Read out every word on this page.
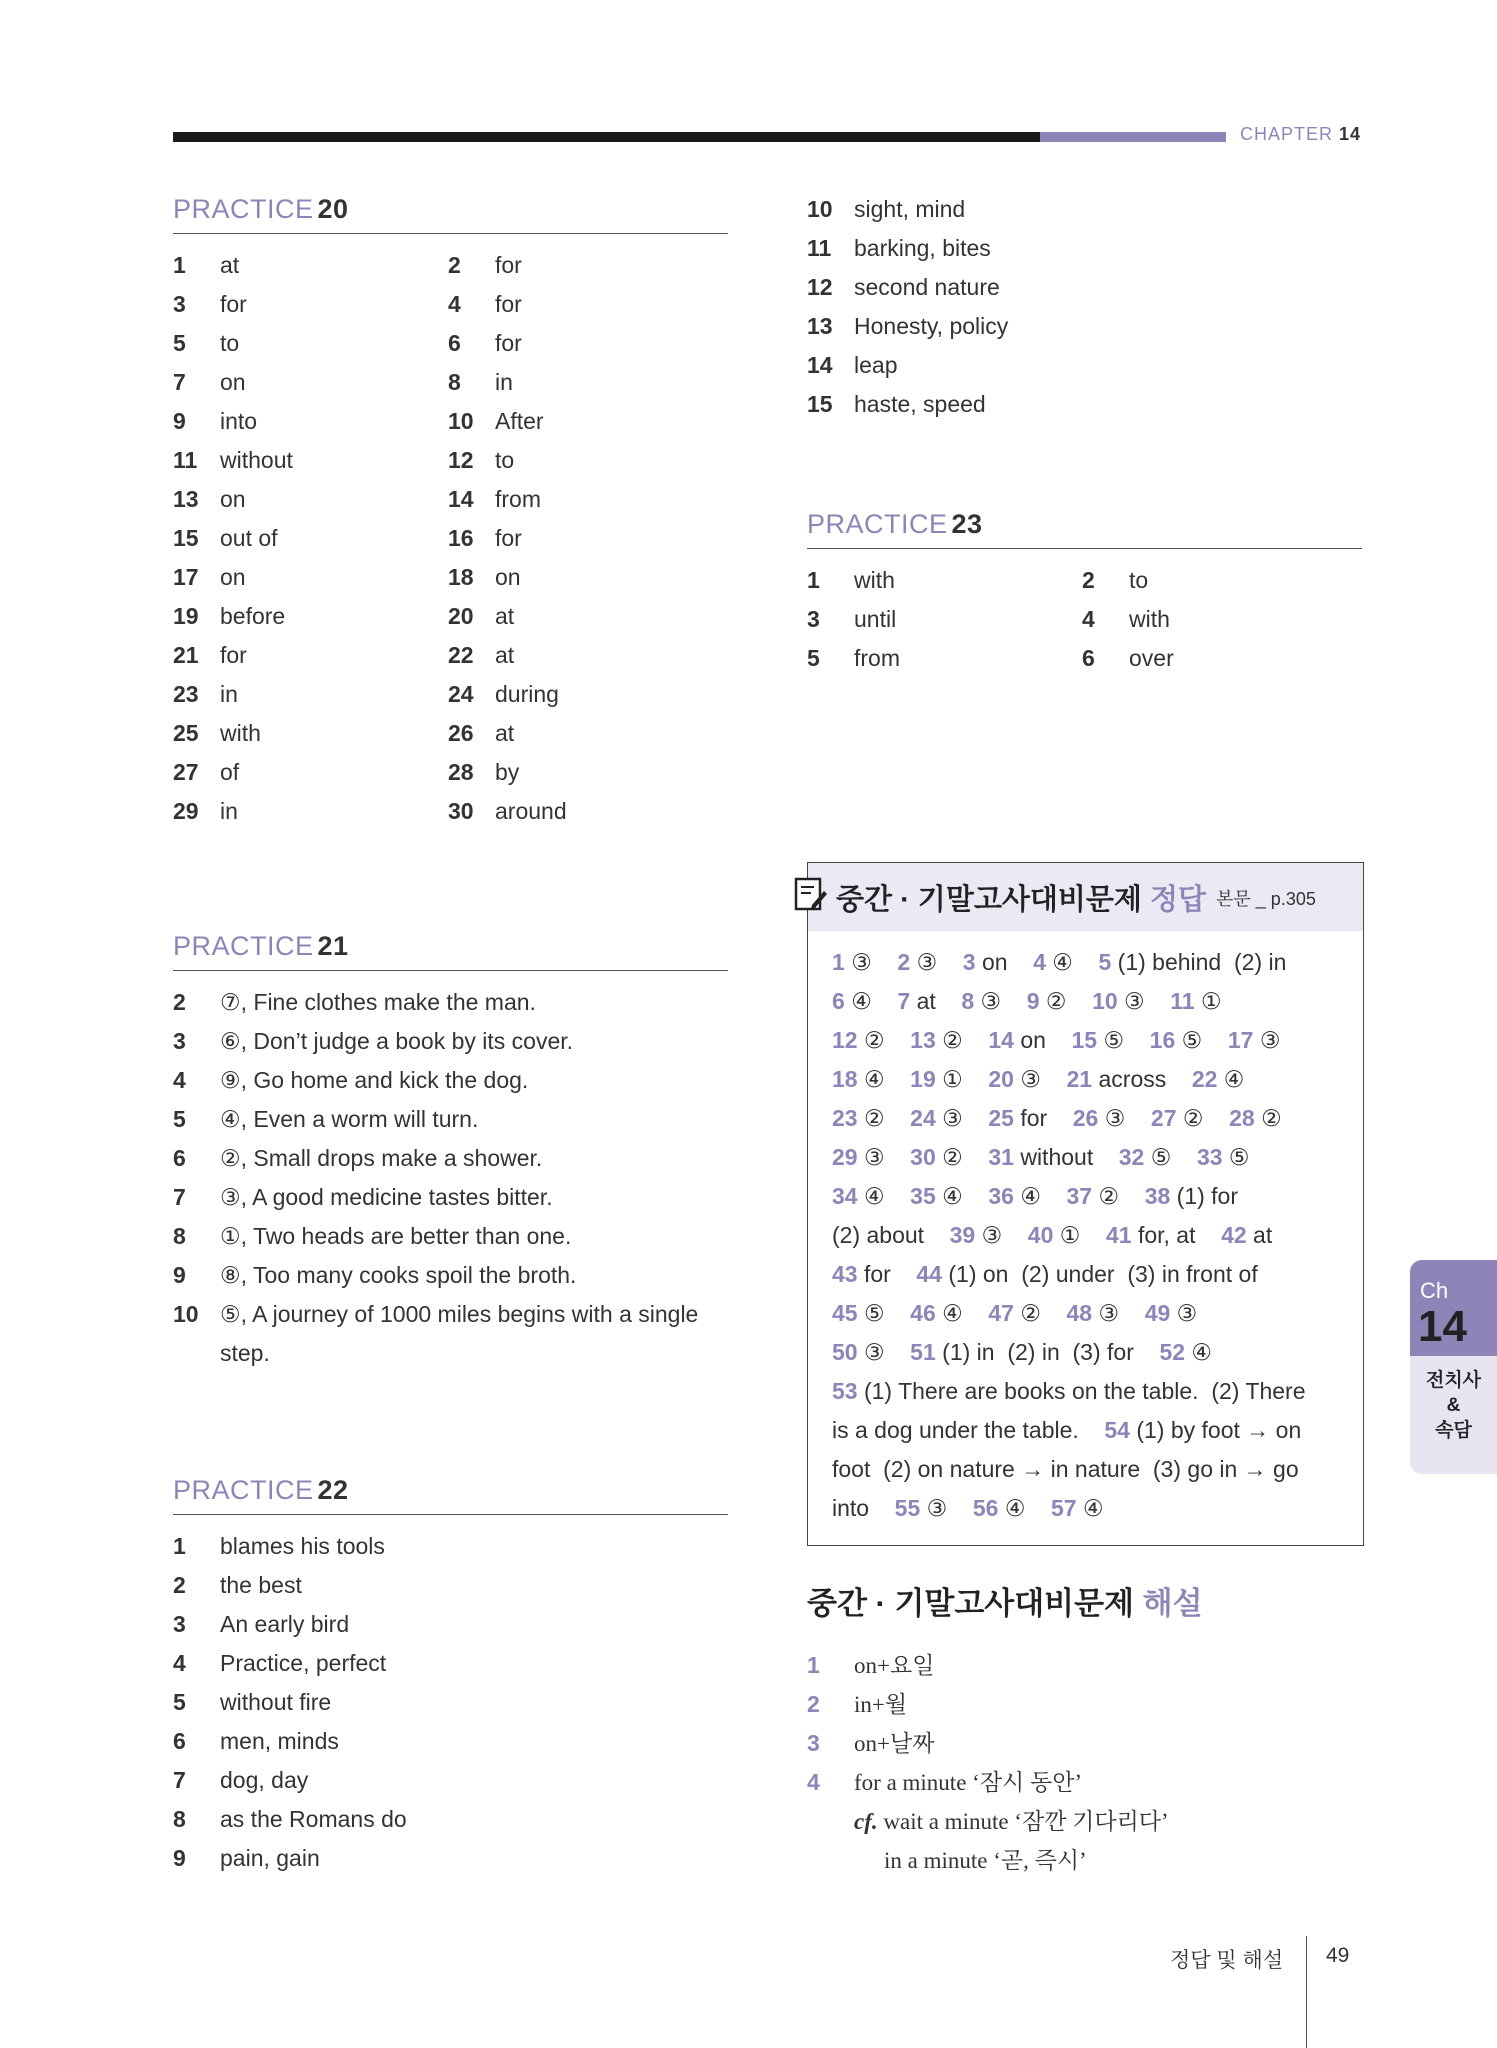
CHAPTER 14
PRACTICE 20
1 at	2 for
3 for	4 for
5 to	6 for
7 on	8 in
9 into	10 After
11 without	12 to
13 on	14 from
15 out of	16 for
17 on	18 on
19 before	20 at
21 for	22 at
23 in	24 during
25 with	26 at
27 of	28 by
29 in	30 around
PRACTICE 21
2 ⑦, Fine clothes make the man.
3 ⑥, Don’t judge a book by its cover.
4 ⑨, Go home and kick the dog.
5 ④, Even a worm will turn.
6 ②, Small drops make a shower.
7 ③, A good medicine tastes bitter.
8 ①, Two heads are better than one.
9 ⑧, Too many cooks spoil the broth.
10 ⑤, A journey of 1000 miles begins with a single
step.
PRACTICE 22
1 blames his tools
2 the best
3 An early bird
4 Practice, perfect
5 without fire
6 men, minds
7 dog, day
8 as the Romans do
9 pain, gain
10 sight, mind
11 barking, bites
12 second nature
13 Honesty, policy
14 leap
15 haste, speed
PRACTICE 23
1 with	2 to
3 until	4 with
5 from	6 over
중간 · 기말고사대비문제 정답 본문 _ p.305
1 ③ 2 ③ 3 on 4 ④ 5 (1) behind  (2) in
6 ④ 7 at 8 ③ 9 ② 10 ③ 11 ①
12 ② 13 ② 14 on 15 ⑤ 16 ⑤ 17 ③
18 ④ 19 ① 20 ③ 21 across 22 ④
23 ② 24 ③ 25 for 26 ③ 27 ② 28 ②
29 ③ 30 ② 31 without 32 ⑤ 33 ⑤
34 ④ 35 ④ 36 ④ 37 ② 38 (1) for
(2) about 39 ③ 40 ① 41 for, at 42 at
43 for 44 (1) on  (2) under  (3) in front of
45 ⑤ 46 ④ 47 ② 48 ③ 49 ③
50 ③ 51 (1) in  (2) in  (3) for 52 ④
53 (1) There are books on the table.  (2) There
is a dog under the table. 54 (1) by foot → on
foot  (2) on nature → in nature  (3) go in → go
into 55 ③ 56 ④ 57 ④
중간 · 기말고사대비문제 해설
1 on+요일
2 in+월
3 on+날짜
4 for a minute ‘잠시 동안’
cf. wait a minute ‘잠깐 기다리다’
in a minute ‘곧, 즉시’
Ch
14
전치사
&
속담
정답 및 해설 49
